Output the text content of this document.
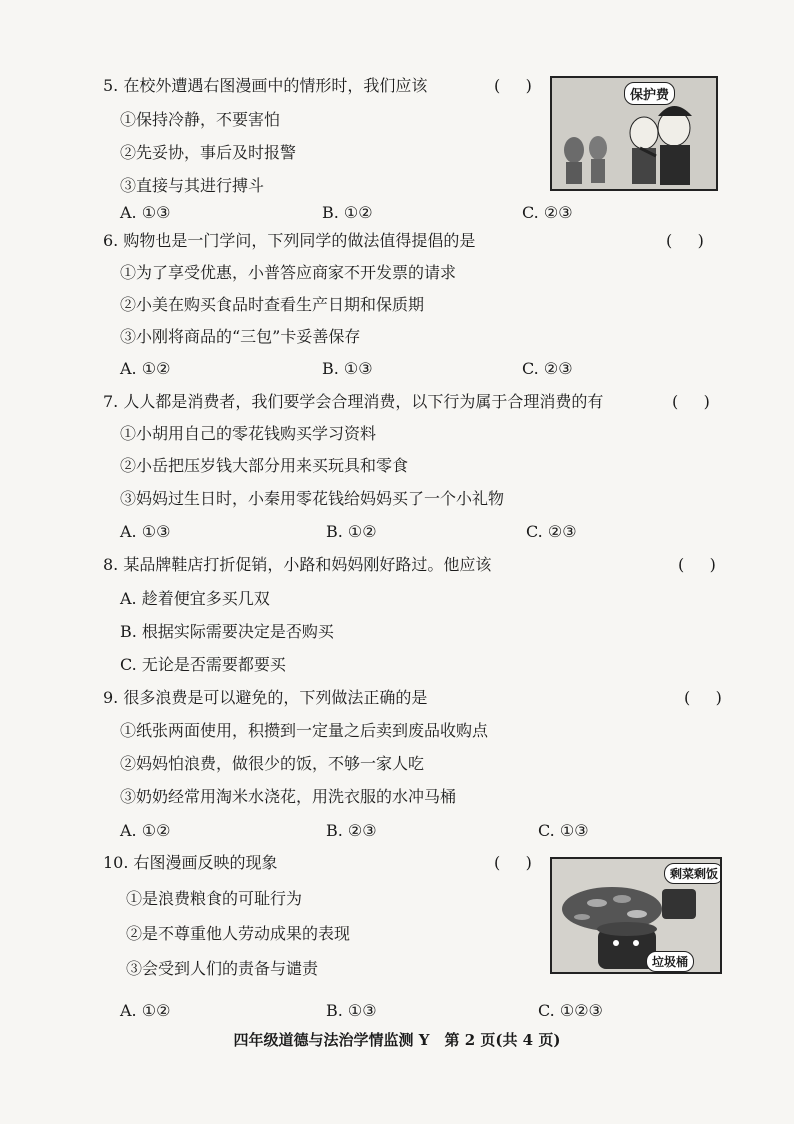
5. 在校外遭遇右图漫画中的情形时，我们应该	(     )
①保持冷静，不要害怕
②先妥协，事后及时报警
③直接与其进行搏斗
A. ①③	B. ①②	C. ②③
保护费
6. 购物也是一门学问，下列同学的做法值得提倡的是	(     )
①为了享受优惠，小普答应商家不开发票的请求
②小美在购买食品时查看生产日期和保质期
③小刚将商品的“三包”卡妥善保存
A. ①②	B. ①③	C. ②③
7. 人人都是消费者，我们要学会合理消费，以下行为属于合理消费的有	(     )
①小胡用自己的零花钱购买学习资料
②小岳把压岁钱大部分用来买玩具和零食
③妈妈过生日时，小秦用零花钱给妈妈买了一个小礼物
A. ①③	B. ①②	C. ②③
8. 某品牌鞋店打折促销，小路和妈妈刚好路过。他应该	(     )
A. 趁着便宜多买几双
B. 根据实际需要决定是否购买
C. 无论是否需要都要买
9. 很多浪费是可以避免的，下列做法正确的是	(     )
①纸张两面使用，积攒到一定量之后卖到废品收购点
②妈妈怕浪费，做很少的饭，不够一家人吃
③奶奶经常用淘米水浇花，用洗衣服的水冲马桶
A. ①②	B. ②③	C. ①③
10. 右图漫画反映的现象	(     )
①是浪费粮食的可耻行为
②是不尊重他人劳动成果的表现
③会受到人们的责备与谴责
A. ①②	B. ①③	C. ①②③
剩菜剩饭
垃圾桶
四年级道德与法治学情监测 Y　第 2 页(共 4 页)
